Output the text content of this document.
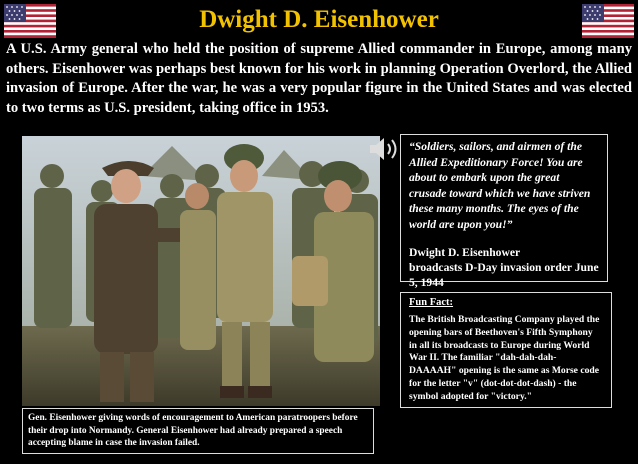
Dwight D. Eisenhower
A U.S. Army general who held the position of supreme Allied commander in Europe, among many others. Eisenhower was perhaps best known for his work in planning Operation Overlord, the Allied invasion of Europe. After the war, he was a very popular figure in the United States and was elected to two terms as U.S. president, taking office in 1953.
“Soldiers, sailors, and airmen of the Allied Expeditionary Force! You are about to embark upon the great crusade toward which we have striven these many months. The eyes of the world are upon you!”
Dwight D. Eisenhower
broadcasts D-Day invasion order June 5, 1944
Fun Fact:
The British Broadcasting Company played the opening bars of Beethoven's Fifth Symphony in all its broadcasts to Europe during World War II. The familiar "dah-dah-dah-DAAAAH" opening is the same as Morse code for the letter "v" (dot-dot-dot-dash) - the symbol adopted for "victory."
Gen. Eisenhower giving words of encouragement to American paratroopers before their drop into Normandy. General Eisenhower had already prepared a speech accepting blame in case the invasion failed.
